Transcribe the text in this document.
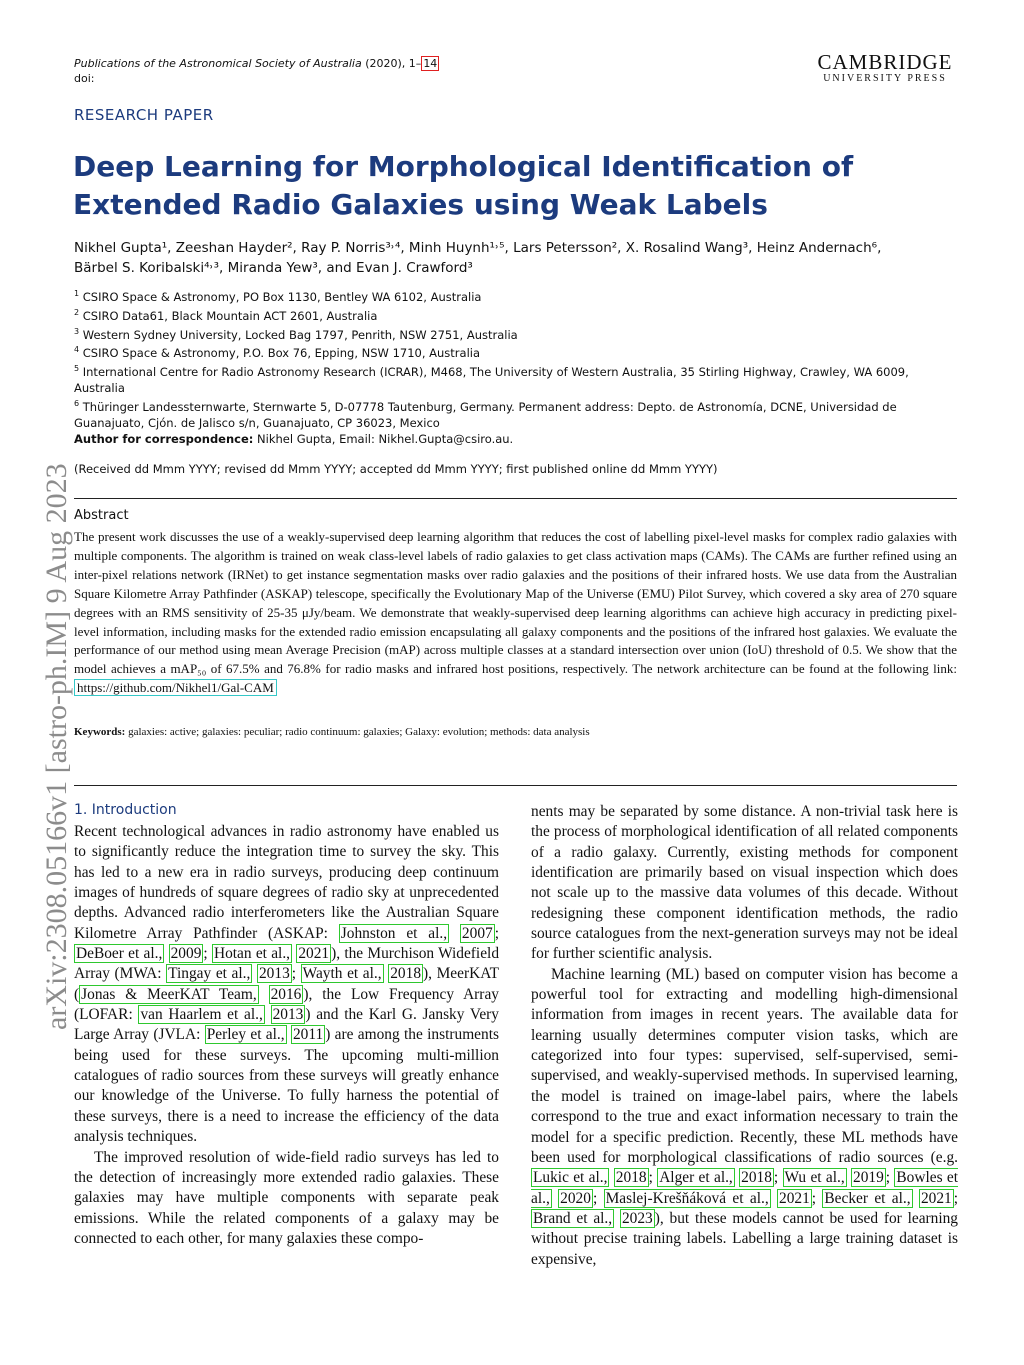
Publications of the Astronomical Society of Australia (2020), 1– 14
doi:
CAMBRIDGE
UNIVERSITY PRESS
RESEARCH PAPER
Deep Learning for Morphological Identification of Extended Radio Galaxies using Weak Labels
Nikhel Gupta¹, Zeeshan Hayder², Ray P. Norris³˒⁴, Minh Huynh¹˒⁵, Lars Petersson², X. Rosalind Wang³, Heinz Andernach⁶,
Bärbel S. Koribalski⁴˒³, Miranda Yew³, and Evan J. Crawford³
$^1$ CSIRO Space & Astronomy, PO Box 1130, Bentley WA 6102, Australia
$^2$ CSIRO Data61, Black Mountain ACT 2601, Australia
$^3$ Western Sydney University, Locked Bag 1797, Penrith, NSW 2751, Australia
$^4$ CSIRO Space & Astronomy, P.O. Box 76, Epping, NSW 1710, Australia
$^5$ International Centre for Radio Astronomy Research (ICRAR), M468, The University of Western Australia, 35 Stirling Highway, Crawley, WA 6009, Australia
$^6$ Thüringer Landessternwarte, Sternwarte 5, D-07778 Tautenburg, Germany. Permanent address: Depto. de Astronomía, DCNE, Universidad de Guanajuato, Cjón. de Jalisco s/n, Guanajuato, CP 36023, Mexico
Author for correspondence: Nikhel Gupta, Email: Nikhel.Gupta@csiro.au.
(Received dd Mmm YYYY; revised dd Mmm YYYY; accepted dd Mmm YYYY; first published online dd Mmm YYYY)
Abstract
The present work discusses the use of a weakly-supervised deep learning algorithm that reduces the cost of labelling pixel-level masks for complex radio galaxies with multiple components. The algorithm is trained on weak class-level labels of radio galaxies to get class activation maps (CAMs). The CAMs are further refined using an inter-pixel relations network (IRNet) to get instance segmentation masks over radio galaxies and the positions of their infrared hosts. We use data from the Australian Square Kilometre Array Pathfinder (ASKAP) telescope, specifically the Evolutionary Map of the Universe (EMU) Pilot Survey, which covered a sky area of 270 square degrees with an RMS sensitivity of 25-35 μJy/beam. We demonstrate that weakly-supervised deep learning algorithms can achieve high accuracy in predicting pixel-level information, including masks for the extended radio emission encapsulating all galaxy components and the positions of the infrared host galaxies. We evaluate the performance of our method using mean Average Precision (mAP) across multiple classes at a standard intersection over union (IoU) threshold of 0.5. We show that the model achieves a mAP₅₀ of 67.5% and 76.8% for radio masks and infrared host positions, respectively. The network architecture can be found at the following link: https://github.com/Nikhel1/Gal-CAM
Keywords: galaxies: active; galaxies: peculiar; radio continuum: galaxies; Galaxy: evolution; methods: data analysis
arXiv:2308.05166v1 [astro-ph.IM] 9 Aug 2023 1. Introduction

Recent technological advances in radio astronomy have enabled us to significantly reduce the integration time to survey the sky. This has led to a new era in radio surveys, producing deep continuum images of hundreds of square degrees of radio sky at unprecedented depths. Advanced radio interferometers like the Australian Square Kilometre Array Pathfinder (ASKAP: Johnston et al., 2007 ; DeBoer et al., 2009 ; Hotan et al., 2021 ), the Murchison Widefield Array (MWA: Tingay et al., 2013 ; Wayth et al., 2018 ), MeerKAT ( Jonas & MeerKAT Team, 2016 ), the Low Frequency Array (LOFAR: van Haarlem et al., 2013 ) and the Karl G. Jansky Very Large Array (JVLA: Perley et al., 2011 ) are among the instruments being used for these surveys. The upcoming multi-million catalogues of radio sources from these surveys will greatly enhance our knowledge of the Universe. To fully harness the potential of these surveys, there is a need to increase the efficiency of the data analysis techniques.

The improved resolution of wide-field radio surveys has led to the detection of increasingly more extended radio galaxies. These galaxies may have multiple components with separate peak emissions. While the related components of a galaxy may be connected to each other, for many galaxies these compo-

nents may be separated by some distance. A non-trivial task here is the process of morphological identification of all related components of a radio galaxy. Currently, existing methods for component identification are primarily based on visual inspection which does not scale up to the massive data volumes of this decade. Without redesigning these component identification methods, the radio source catalogues from the next-generation surveys may not be ideal for further scientific analysis.

Machine learning (ML) based on computer vision has become a powerful tool for extracting and modelling high-dimensional information from images in recent years. The available data for learning usually determines computer vision tasks, which are categorized into four types: supervised, self-supervised, semi-supervised, and weakly-supervised methods. In supervised learning, the model is trained on image-label pairs, where the labels correspond to the true and exact information necessary to train the model for a specific prediction. Recently, these ML methods have been used for morphological classifications of radio sources (e.g. Lukic et al., 2018 ; Alger et al., 2018 ; Wu et al., 2019 ; Bowles et al., 2020 ; Maslej-Krešňáková et al., 2021 ; Becker et al., 2021 ; Brand et al., 2023 ), but these models cannot be used for learning without precise training labels. Labelling a large training dataset is expensive,
